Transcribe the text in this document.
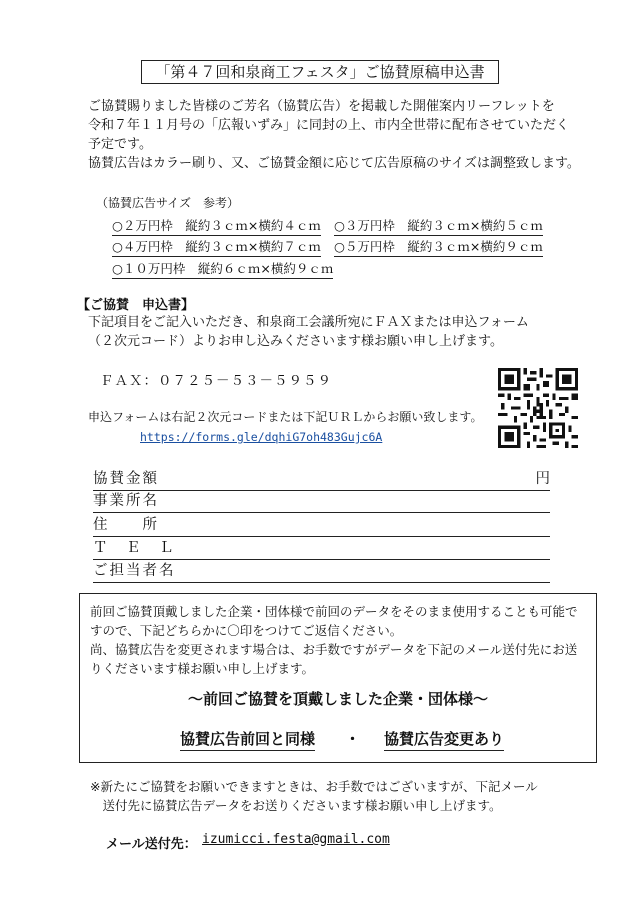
「第４７回和泉商工フェスタ」ご協賛原稿申込書
ご協賛賜りました皆様のご芳名（協賛広告）を掲載した開催案内リーフレットを
令和７年１１月号の「広報いずみ」に同封の上、市内全世帯に配布させていただく
予定です。
協賛広告はカラー刷り、又、ご協賛金額に応じて広告原稿のサイズは調整致します。
（協賛広告サイズ　参考）
○２万円枠　縦約３ｃｍ×横約４ｃｍ ○３万円枠　縦約３ｃｍ×横約５ｃｍ
○４万円枠　縦約３ｃｍ×横約７ｃｍ ○５万円枠　縦約３ｃｍ×横約９ｃｍ
○１０万円枠　縦約６ｃｍ×横約９ｃｍ
【ご協賛　申込書】
下記項目をご記入いただき、和泉商工会議所宛にＦＡＸまたは申込フォーム
（２次元コード）よりお申し込みくださいます様お願い申し上げます。
ＦＡＸ：０７２５－５３－５９５９
申込フォームは右記２次元コードまたは下記ＵＲＬからお願い致します。
https://forms.gle/dqhiG7oh483Gujc6A
協賛金額	円
事業所名
住　　所
Ｔ　Ｅ　Ｌ
ご担当者名
前回ご協賛頂戴しました企業・団体様で前回のデータをそのまま使用することも可能で
すので、下記どちらかに〇印をつけてご返信ください。
尚、協賛広告を変更されます場合は、お手数ですがデータを下記のメール送付先にお送
りくださいます様お願い申し上げます。
～前回ご協賛を頂戴しました企業・団体様～
協賛広告前回と同様 ・ 協賛広告変更あり
※新たにご協賛をお願いできますときは、お手数ではございますが、下記メール
　送付先に協賛広告データをお送りくださいます様お願い申し上げます。
メール送付先： izumicci.festa@gmail.com
